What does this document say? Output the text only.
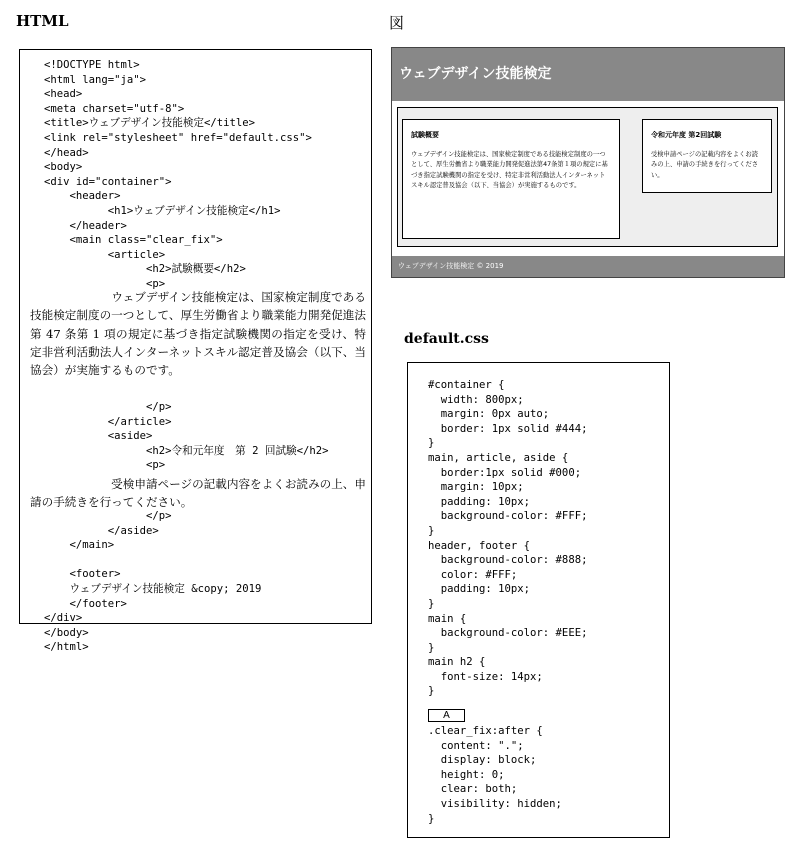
HTML	図
default.css
<!DOCTYPE html>
<html lang="ja">
<head>
<meta charset="utf-8">
<title>ウェブデザイン技能検定</title>
<link rel="stylesheet" href="default.css">
</head>
<body>
<div id="container">
<header>
<h1>ウェブデザイン技能検定</h1>
</header>
<main class="clear_fix">
<article>
<h2>試験概要</h2>
<p>

　　　　　　　ウェブデザイン技能検定は、国家検定制度である技能検定制度の一つとして、厚生労働省より職業能力開発促進法第 47 条第 1 項の規定に基づき指定試験機関の指定を受け、特定非営利活動法人インターネットスキル認定普及協会（以下、当協会）が実施するものです。

</p>
</article>
<aside>
<h2>令和元年度　第 2 回試験</h2>
<p>

　　　　　　　受検申請ページの記載内容をよくお読みの上、申請の手続きを行ってください。

</p>
</aside>
</main>

<footer>
ウェブデザイン技能検定 &copy; 2019
</footer>
</div>
</body>
</html>
ウェブデザイン技能検定
試験概要

ウェブデザイン技能検定は、国家検定制度である技能検定制度の一つとして、厚生労働省より職業能力開発促進法第47条第１項の規定に基づき指定試験機関の指定を受け、特定非営利活動法人インターネットスキル認定普及協会（以下、当協会）が実施するものです。

令和元年度 第2回試験

受検申請ページの記載内容をよくお読みの上、申請の手続きを行ってください。

ウェブデザイン技能検定 © 2019
#container {
width: 800px;
margin: 0px auto;
border: 1px solid #444;
}
main, article, aside {
border:1px solid #000;
margin: 10px;
padding: 10px;
background-color: #FFF;
}
header, footer {
background-color: #888;
color: #FFF;
padding: 10px;
}
main {
background-color: #EEE;
}
main h2 {
font-size: 14px;
}
A
.clear_fix:after {
content: ".";
display: block;
height: 0;
clear: both;
visibility: hidden;
}
